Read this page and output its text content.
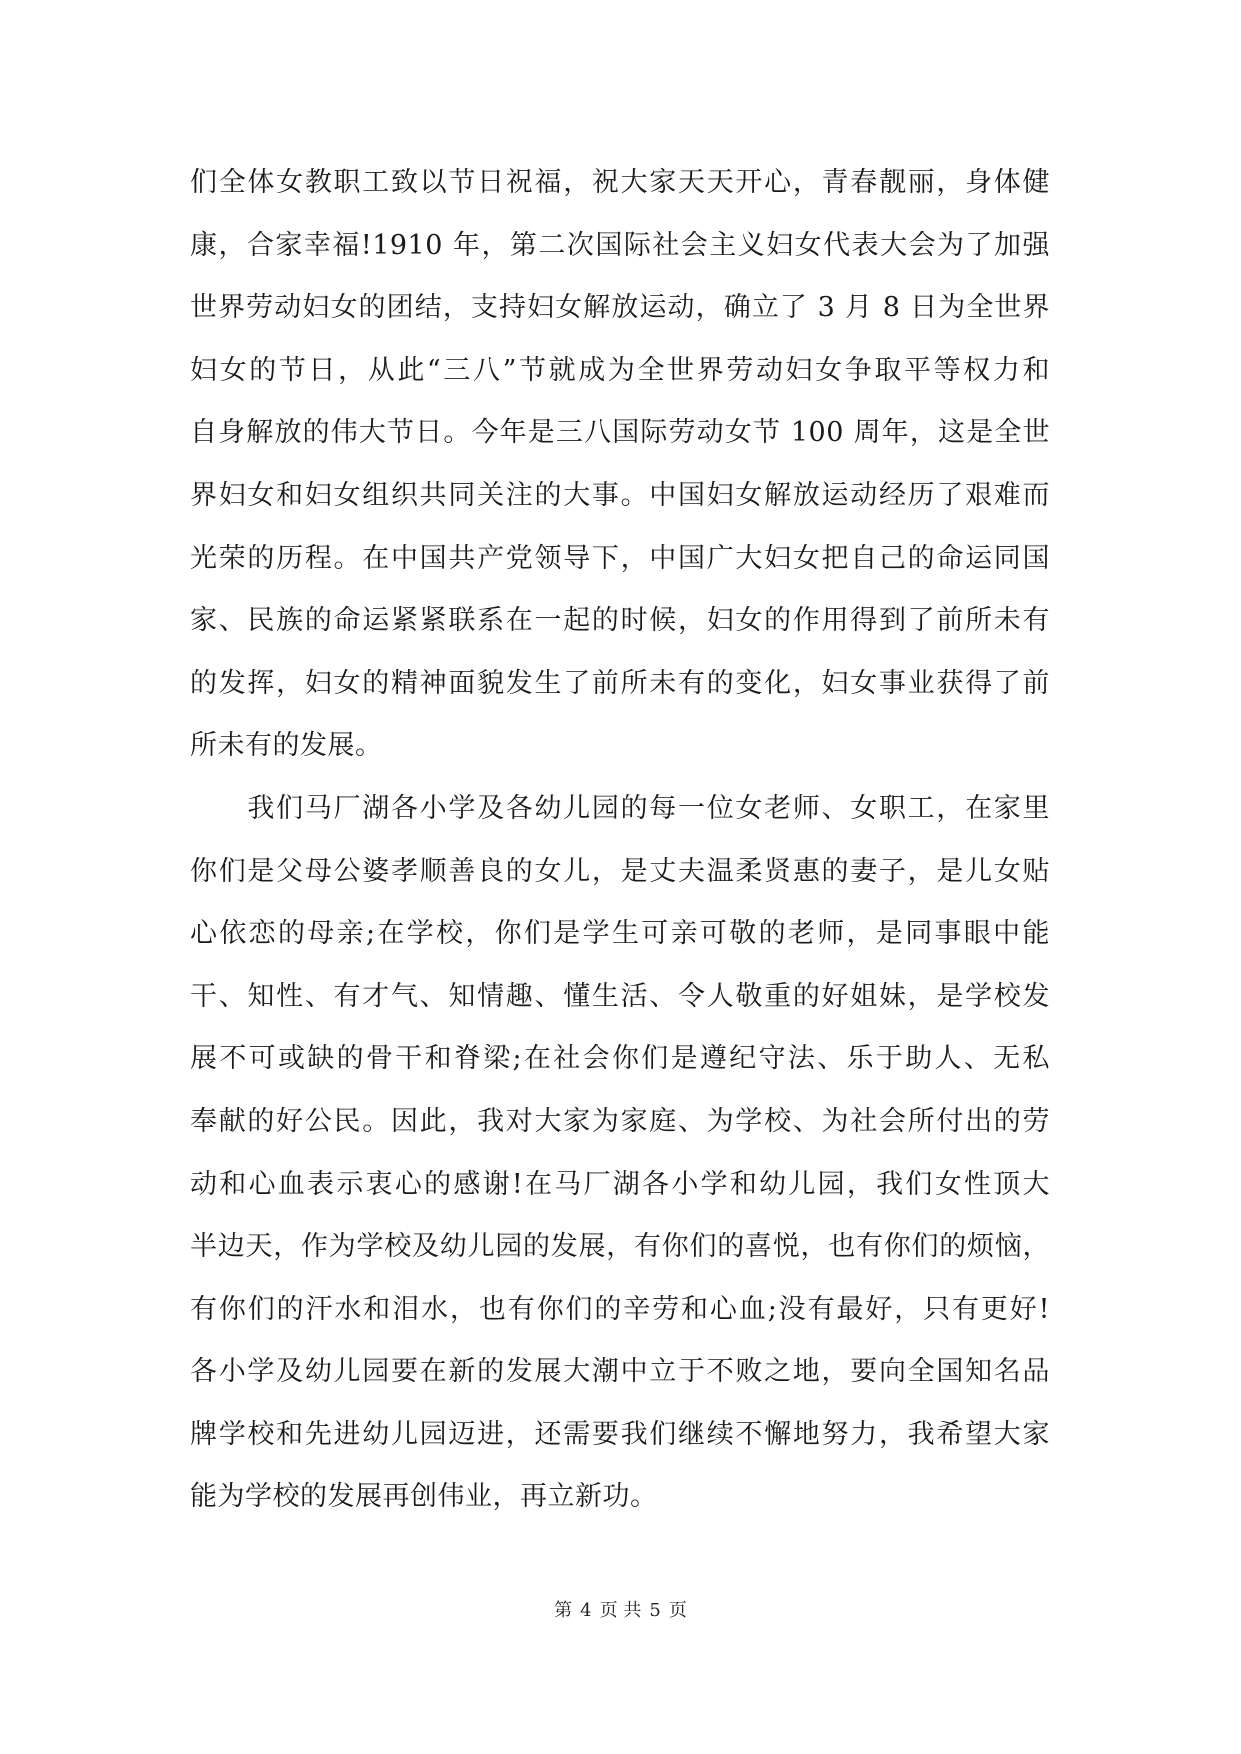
们全体女教职工致以节日祝福，祝大家天天开心，青春靓丽，身体健
康，合家幸福!1910 年，第二次国际社会主义妇女代表大会为了加强
世界劳动妇女的团结，支持妇女解放运动，确立了 3 月 8 日为全世界
妇女的节日，从此“三八”节就成为全世界劳动妇女争取平等权力和
自身解放的伟大节日。今年是三八国际劳动女节 100 周年，这是全世
界妇女和妇女组织共同关注的大事。中国妇女解放运动经历了艰难而
光荣的历程。在中国共产党领导下，中国广大妇女把自己的命运同国
家、民族的命运紧紧联系在一起的时候，妇女的作用得到了前所未有
的发挥，妇女的精神面貌发生了前所未有的变化，妇女事业获得了前
所未有的发展。
　　我们马厂湖各小学及各幼儿园的每一位女老师、女职工，在家里
你们是父母公婆孝顺善良的女儿，是丈夫温柔贤惠的妻子，是儿女贴
心依恋的母亲;在学校，你们是学生可亲可敬的老师，是同事眼中能
干、知性、有才气、知情趣、懂生活、令人敬重的好姐妹，是学校发
展不可或缺的骨干和脊梁;在社会你们是遵纪守法、乐于助人、无私
奉献的好公民。因此，我对大家为家庭、为学校、为社会所付出的劳
动和心血表示衷心的感谢!在马厂湖各小学和幼儿园，我们女性顶大
半边天，作为学校及幼儿园的发展，有你们的喜悦，也有你们的烦恼，
有你们的汗水和泪水，也有你们的辛劳和心血;没有最好，只有更好!
各小学及幼儿园要在新的发展大潮中立于不败之地，要向全国知名品
牌学校和先进幼儿园迈进，还需要我们继续不懈地努力，我希望大家
能为学校的发展再创伟业，再立新功。
第 4 页 共 5 页
